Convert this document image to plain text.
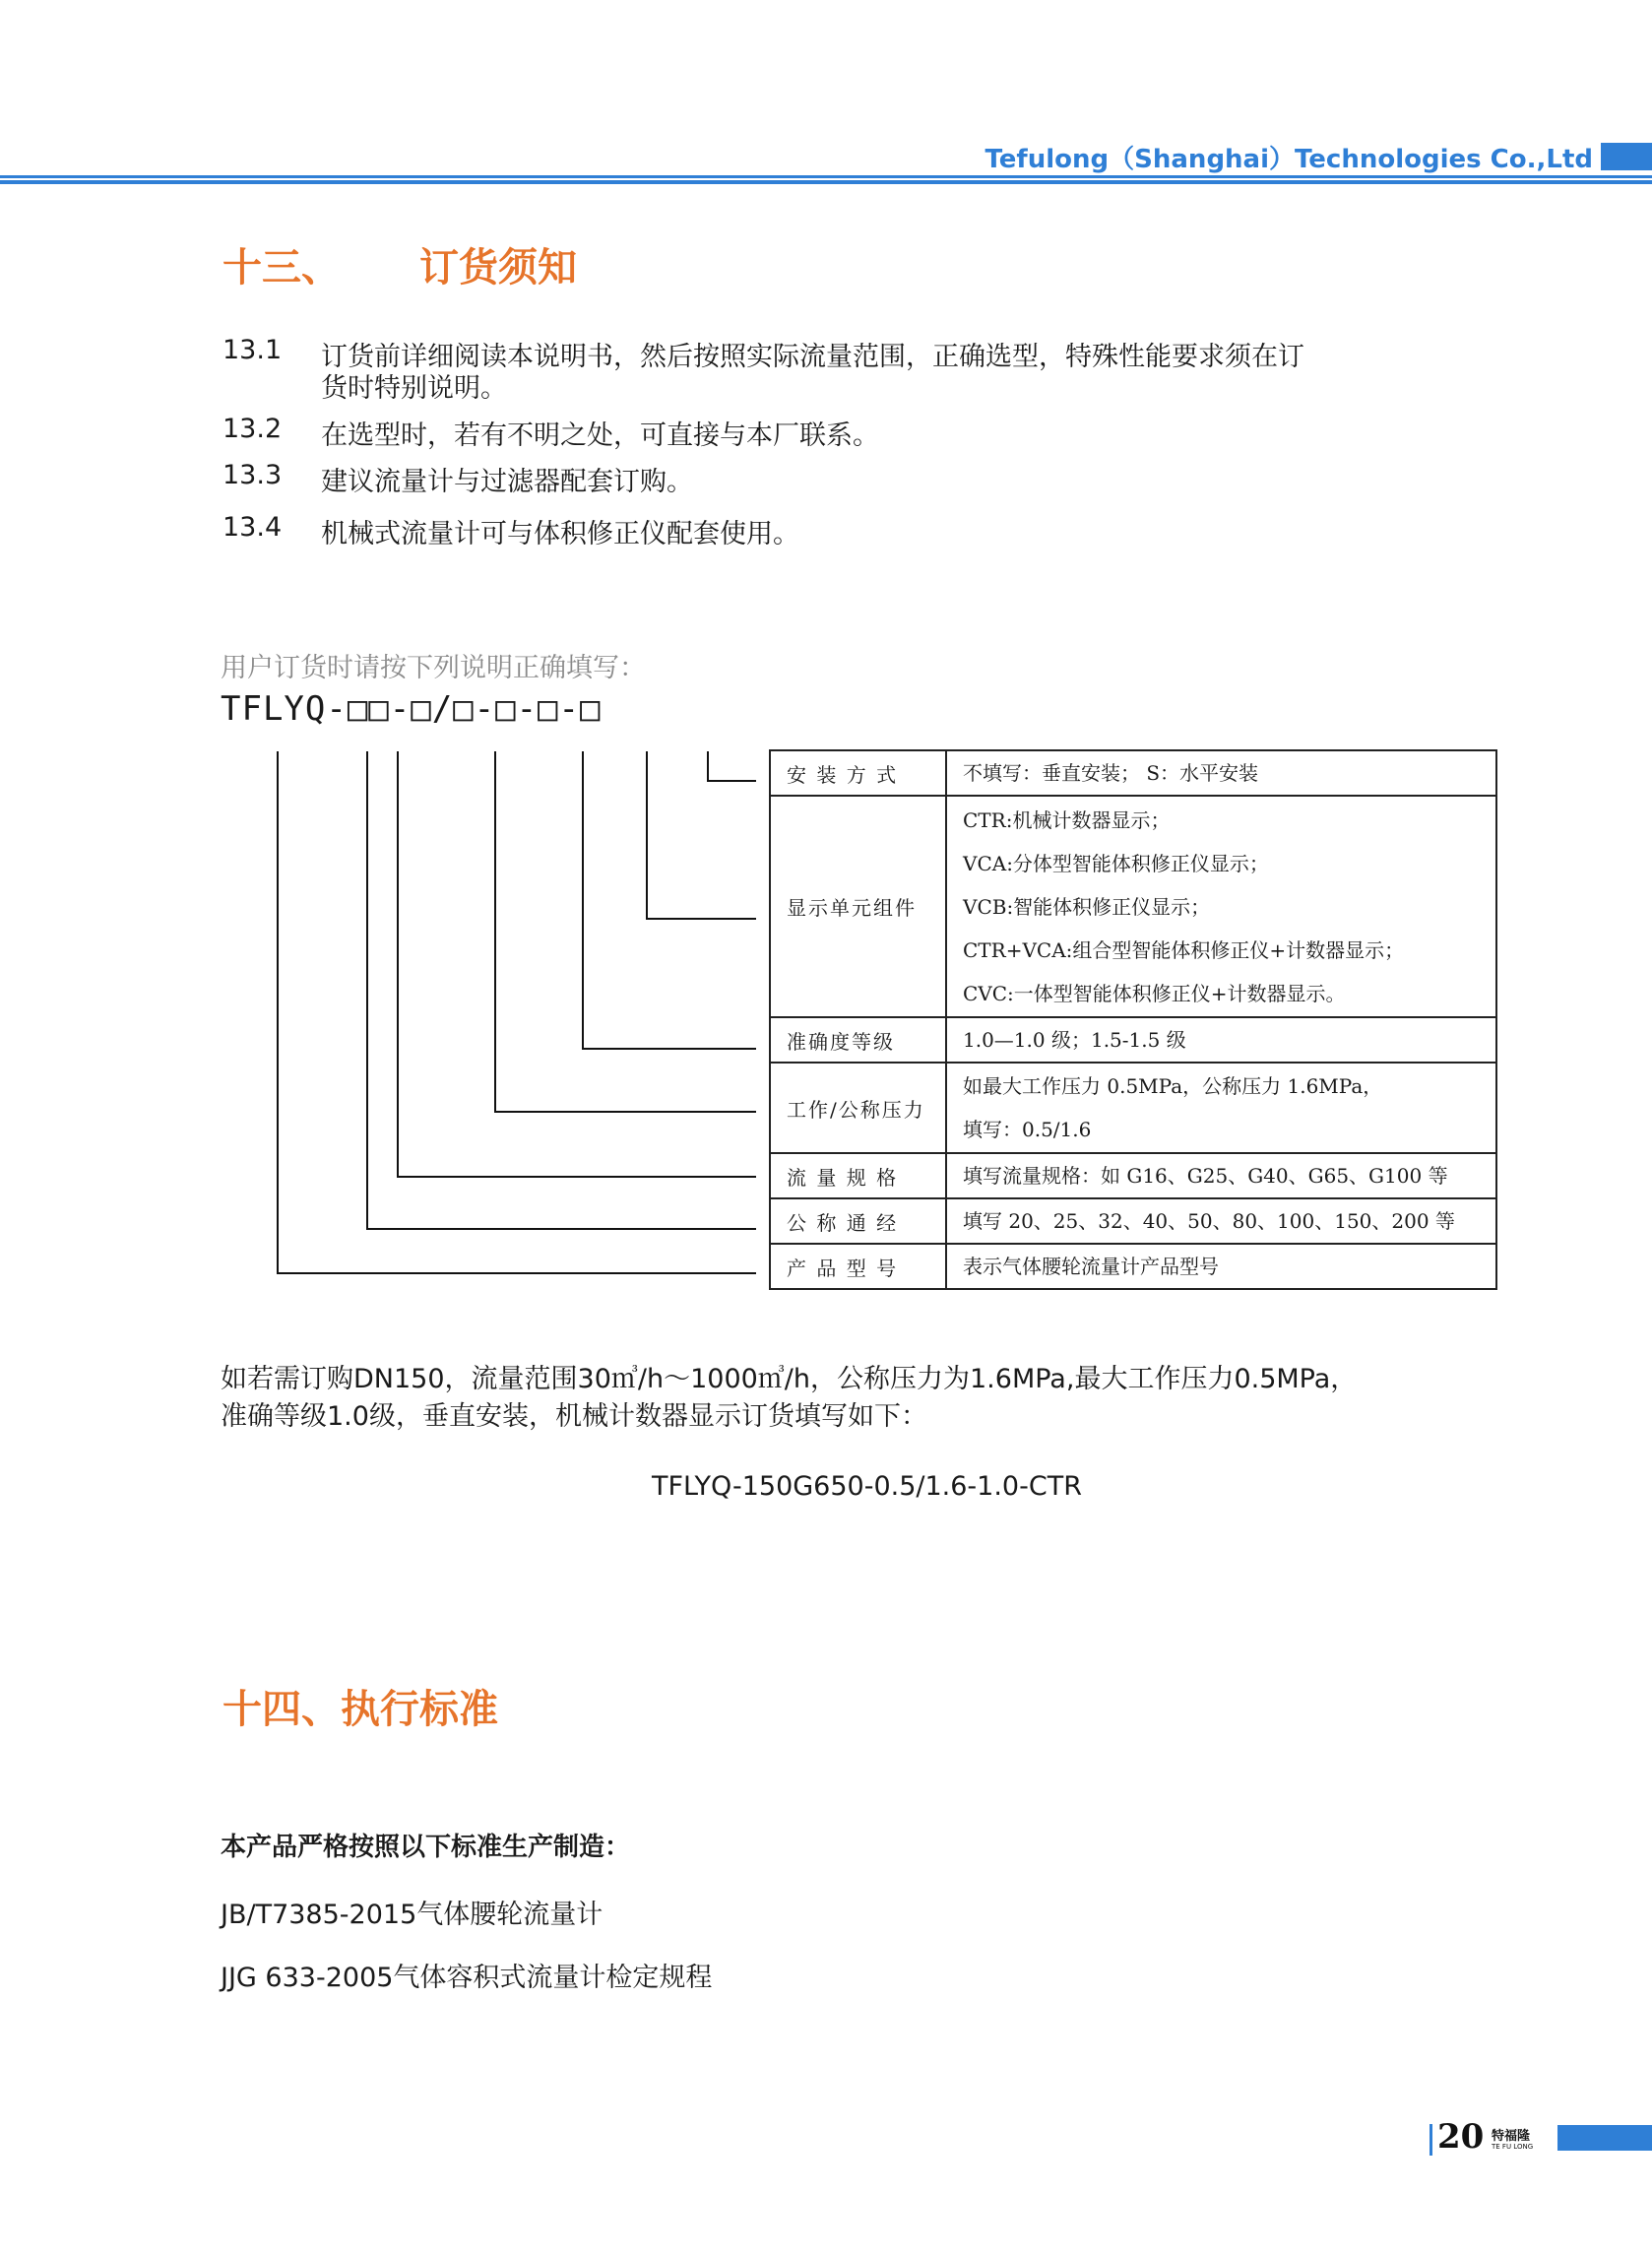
Tefulong（Shanghai）Technologies Co.,Ltd
十三、 订货须知
13.1 订货前详细阅读本说明书，然后按照实际流量范围，正确选型，特殊性能要求须在订
货时特别说明。
13.2 在选型时，若有不明之处，可直接与本厂联系。
13.3 建议流量计与过滤器配套订购。
13.4 机械式流量计可与体积修正仪配套使用。
用户订货时请按下列说明正确填写：
TFLYQ-□□-□/□-□-□-□
安 装 方 式	不填写：垂直安装； S：水平安装

显示单元组件	CTR:机械计数器显示；
VCA:分体型智能体积修正仪显示；
VCB:智能体积修正仪显示；
CTR+VCA:组合型智能体积修正仪+计数器显示；
CVC:一体型智能体积修正仪+计数器显示。

准确度等级	1.0—1.0 级；1.5-1.5 级

工作/公称压力	如最大工作压力 0.5MPa，公称压力 1.6MPa，
填写：0.5/1.6

流 量 规 格	填写流量规格：如 G16、G25、G40、G65、G100 等

公 称 通 经	填写 20、25、32、40、50、80、100、150、200 等

产 品 型 号	表示气体腰轮流量计产品型号
如若需订购DN150，流量范围30㎥/h～1000㎥/h，公称压力为1.6MPa,最大工作压力0.5MPa，
准确等级1.0级，垂直安装，机械计数器显示订货填写如下：
TFLYQ-150G650-0.5/1.6-1.0-CTR
十四、执行标准
本产品严格按照以下标准生产制造：
JB/T7385-2015气体腰轮流量计
JJG 633-2005气体容积式流量计检定规程
20 特福隆
TE FU LONG
